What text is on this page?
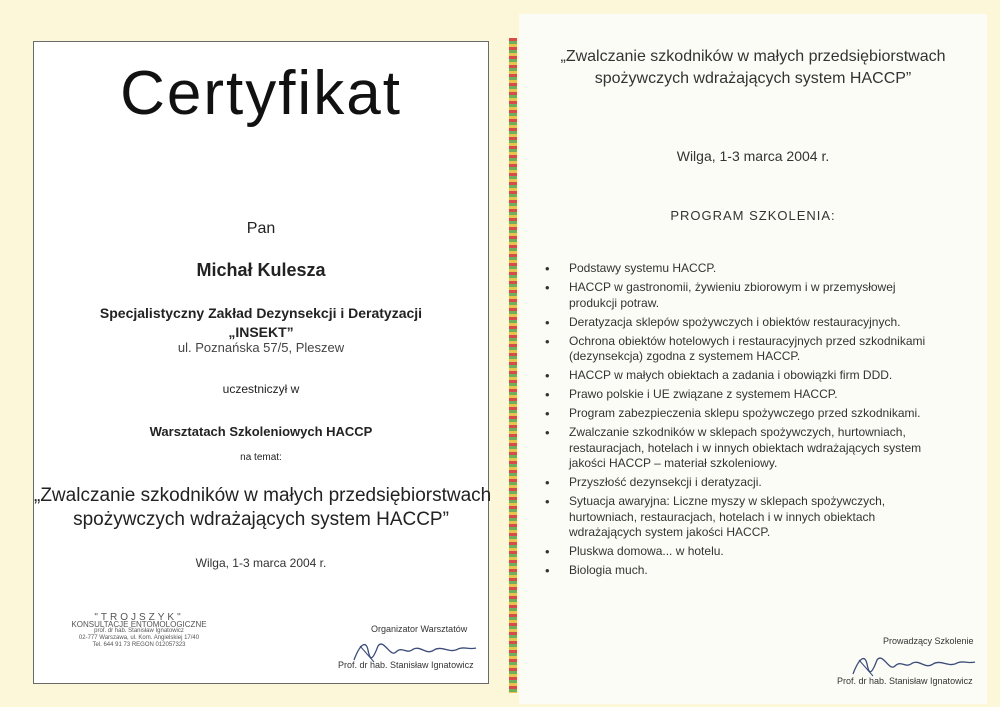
Certyfikat
Pan
Michał Kulesza
Specjalistyczny Zakład Dezynsekcji i Deratyzacji
„INSEKT”
ul. Poznańska 57/5, Pleszew
uczestniczył w
Warsztatach Szkoleniowych HACCP
na temat:
„Zwalczanie szkodników w małych przedsiębiorstwach
spożywczych wdrażających system HACCP”
Wilga, 1-3 marca 2004 r.
"TROJSZYK"
KONSULTACJE ENTOMOLOGICZNE
prof. dr hab. Stanisław Ignatowicz
02-777 Warszawa, ul. Kom. Angielskiej 17/40
Tel. 644 91 73 REGON 012057323
Organizator Warsztatów
Prof. dr hab. Stanisław Ignatowicz
„Zwalczanie szkodników w małych przedsiębiorstwach
spożywczych wdrażających system HACCP”
Wilga, 1-3 marca 2004 r.
PROGRAM SZKOLENIA:
• Podstawy systemu HACCP.
• HACCP w gastronomii, żywieniu zbiorowym i w przemysłowej
produkcji potraw.
• Deratyzacja sklepów spożywczych i obiektów restauracyjnych.
• Ochrona obiektów hotelowych i restauracyjnych przed szkodnikami
(dezynsekcja) zgodna z systemem HACCP.
• HACCP w małych obiektach a zadania i obowiązki firm DDD.
• Prawo polskie i UE związane z systemem HACCP.
• Program zabezpieczenia sklepu spożywczego przed szkodnikami.
• Zwalczanie szkodników w sklepach spożywczych, hurtowniach,
restauracjach, hotelach i w innych obiektach wdrażających system
jakości HACCP – materiał szkoleniowy.
• Przyszłość dezynsekcji i deratyzacji.
• Sytuacja awaryjna: Liczne myszy w sklepach spożywczych,
hurtowniach, restauracjach, hotelach i w innych obiektach
wdrażających system jakości HACCP.
• Pluskwa domowa... w hotelu.
• Biologia much.
Prowadzący Szkolenie
Prof. dr hab. Stanisław Ignatowicz
